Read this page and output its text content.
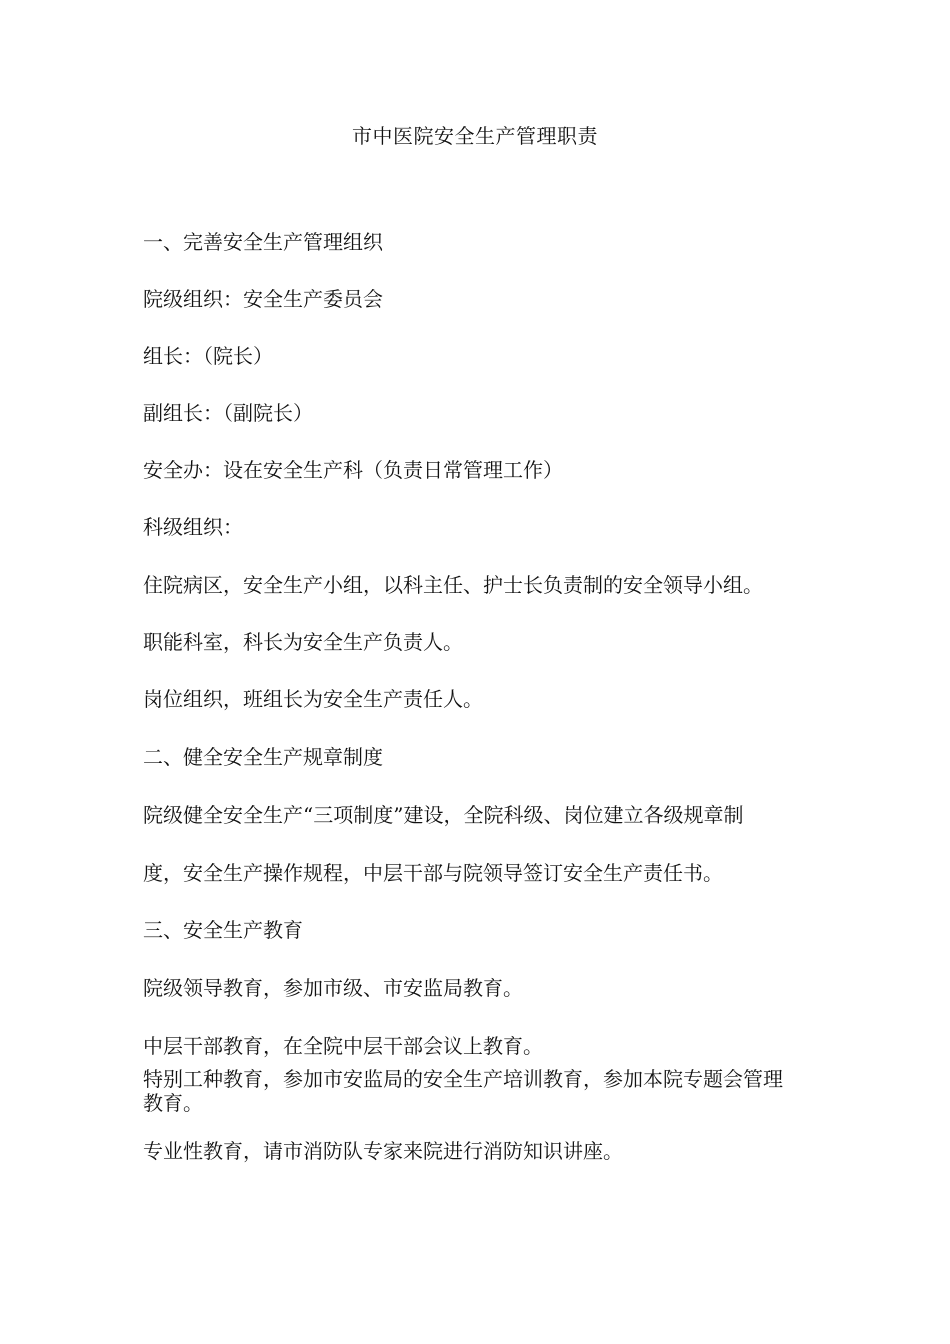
市中医院安全生产管理职责
一、完善安全生产管理组织
院级组织：安全生产委员会
组长：（院长）
副组长：（副院长）
安全办：设在安全生产科（负责日常管理工作）
科级组织：
住院病区，安全生产小组，以科主任、护士长负责制的安全领导小组。
职能科室，科长为安全生产负责人。
岗位组织，班组长为安全生产责任人。
二、健全安全生产规章制度
院级健全安全生产“三项制度”建设，全院科级、岗位建立各级规章制
度，安全生产操作规程，中层干部与院领导签订安全生产责任书。
三、安全生产教育
院级领导教育，参加市级、市安监局教育。
中层干部教育，在全院中层干部会议上教育。
特别工种教育，参加市安监局的安全生产培训教育，参加本院专题会管理
教育。
专业性教育，请市消防队专家来院进行消防知识讲座。
